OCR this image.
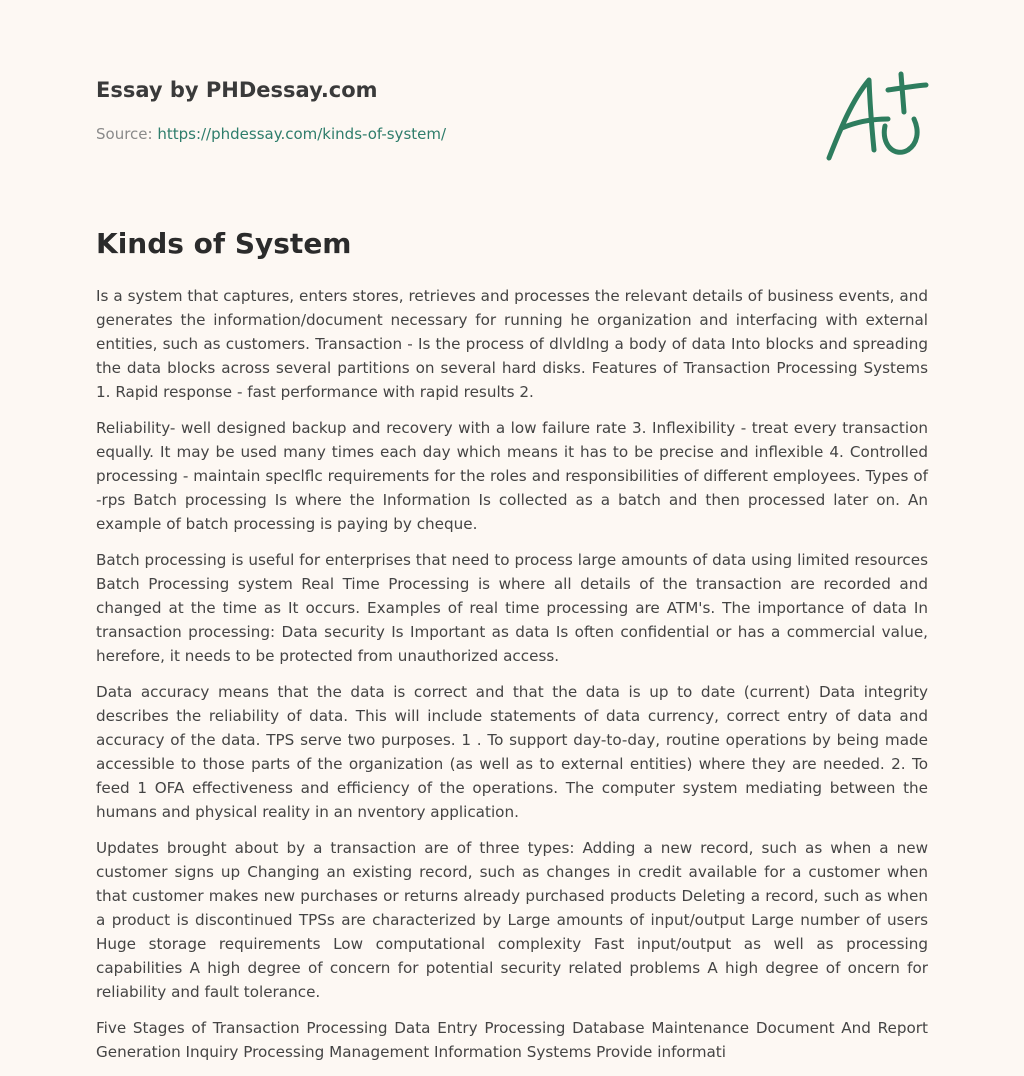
Essay by PHDessay.com
Source: https://phdessay.com/kinds-of-system/
Kinds of System

Is a system that captures, enters stores, retrieves and processes the relevant details of business events, and generates the information/document necessary for running he organization and interfacing with external entities, such as customers. Transaction - Is the process of dlvldlng a body of data Into blocks and spreading the data blocks across several partitions on several hard disks. Features of Transaction Processing Systems 1. Rapid response - fast performance with rapid results 2.

Reliability- well designed backup and recovery with a low failure rate 3. Inflexibility - treat every transaction equally. It may be used many times each day which means it has to be precise and inflexible 4. Controlled processing - maintain speclflc requirements for the roles and responsibilities of different employees. Types of -rps Batch processing Is where the Information Is collected as a batch and then processed later on. An example of batch processing is paying by cheque.

Batch processing is useful for enterprises that need to process large amounts of data using limited resources Batch Processing system Real Time Processing is where all details of the transaction are recorded and changed at the time as It occurs. Examples of real time processing are ATM's. The importance of data In transaction processing: Data security Is Important as data Is often confidential or has a commercial value, herefore, it needs to be protected from unauthorized access.

Data accuracy means that the data is correct and that the data is up to date (current) Data integrity describes the reliability of data. This will include statements of data currency, correct entry of data and accuracy of the data. TPS serve two purposes. 1 . To support day-to-day, routine operations by being made accessible to those parts of the organization (as well as to external entities) where they are needed. 2. To feed 1 OFA effectiveness and efficiency of the operations. The computer system mediating between the humans and physical reality in an nventory application.

Updates brought about by a transaction are of three types: Adding a new record, such as when a new customer signs up Changing an existing record, such as changes in credit available for a customer when that customer makes new purchases or returns already purchased products Deleting a record, such as when a product is discontinued TPSs are characterized by Large amounts of input/output Large number of users Huge storage requirements Low computational complexity Fast input/output as well as processing capabilities A high degree of concern for potential security related problems A high degree of oncern for reliability and fault tolerance.

Five Stages of Transaction Processing Data Entry Processing Database Maintenance Document And Report Generation Inquiry Processing Management Information Systems Provide informati
